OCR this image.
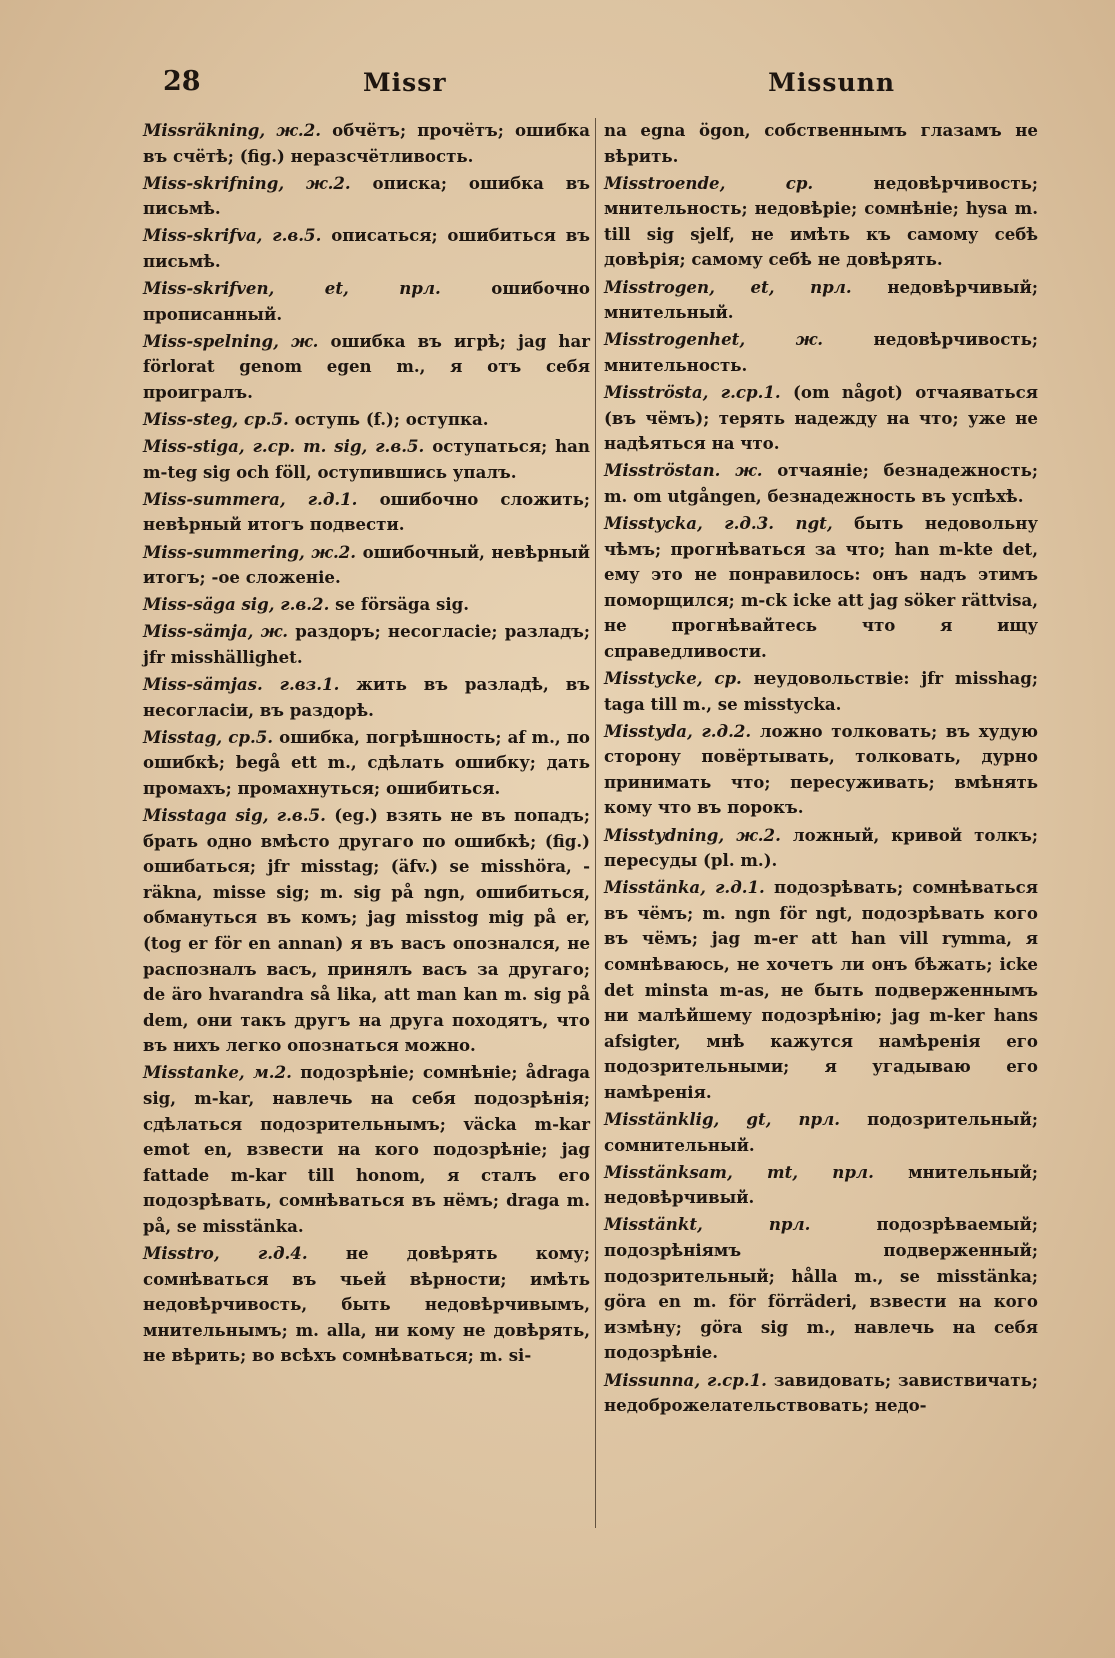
28	Missr	Missunn
Missräkning, ж.2. обчётъ; прочётъ; ошибка въ счётѣ; (fig.) неразсчётливость.
Miss-skrifning, ж.2. описка; ошибка въ письмѣ.
Miss-skrifva, г.в.5. описаться; ошибиться въ письмѣ.
Miss-skrifven, et, прл. ошибочно прописанный.
Miss-spelning, ж. ошибка въ игрѣ; jag har förlorat genom egen m., я отъ себя проигралъ.
Miss-steg, ср.5. оступь (f.); оступка.
Miss-stiga, г.ср. m. sig, г.в.5. оступаться; han m-teg sig och föll, оступившись упалъ.
Miss-summera, г.д.1. ошибочно сложить; невѣрный итогъ подвести.
Miss-summering, ж.2. ошибочный, невѣрный итогъ; -ое сложеніе.
Miss-säga sig, г.в.2. se försäga sig.
Miss-sämja, ж. раздоръ; несогласіе; разладъ; jfr misshällighet.
Miss-sämjas. г.вз.1. жить въ разладѣ, въ несогласіи, въ раздорѣ.
Misstag, ср.5. ошибка, погрѣшность; af m., по ошибкѣ; begå ett m., сдѣлать ошибку; дать промахъ; промахнуться; ошибиться.
Misstaga sig, г.в.5. (eg.) взять не въ попадъ; брать одно вмѣсто другаго по ошибкѣ; (fig.) ошибаться; jfr misstag; (äfv.) se misshöra, -räkna, misse sig; m. sig på ngn, ошибиться, обмануться въ комъ; jag misstog mig på er, (tog er för en annan) я въ васъ опознался, не распозналъ васъ, принялъ васъ за другаго; de äro hvarandra så lika, att man kan m. sig på dem, они такъ другъ на друга походятъ, что въ нихъ легко опознаться можно.
Misstanke, м.2. подозрѣніе; сомнѣніе; ådraga sig, m-kar, навлечь на себя подозрѣнія; сдѣлаться подозрительнымъ; väcka m-kar emot en, взвести на кого подозрѣніе; jag fattade m-kar till honom, я сталъ его подозрѣвать, сомнѣваться въ нёмъ; draga m. på, se misstänka.
Misstro, г.д.4. не довѣрять кому; сомнѣваться въ чьей вѣрности; имѣть недовѣрчивость, быть недовѣрчивымъ, мнительнымъ; m. alla, ни кому не довѣрять, не вѣрить; во всѣхъ сомнѣваться; m. si-
na egna ögon, собственнымъ глазамъ не вѣрить.
Misstroende, ср. недовѣрчивость; мнительность; недовѣріе; сомнѣніе; hysa m. till sig sjelf, не имѣть къ самому себѣ довѣрія; самому себѣ не довѣрять.
Misstrogen, et, прл. недовѣрчивый; мнительный.
Misstrogenhet, ж. недовѣрчивость; мнительность.
Misströsta, г.ср.1. (om något) отчаяваться (въ чёмъ); терять надежду на что; уже не надѣяться на что.
Misströstan. ж. отчаяніе; безнадежность; m. om utgången, безнадежность въ успѣхѣ.
Misstycka, г.д.3. ngt, быть недовольну чѣмъ; прогнѣваться за что; han m-kte det, ему это не понравилось: онъ надъ этимъ поморщился; m-ck icke att jag söker rättvisa, не прогнѣвайтесь что я ищу справедливости.
Misstycke, ср. неудовольствіе: jfr misshag; taga till m., se misstycka.
Misstyda, г.д.2. ложно толковать; въ худую сторону повёртывать, толковать, дурно принимать что; пересуживать; вмѣнять кому что въ порокъ.
Misstydning, ж.2. ложный, кривой толкъ; пересуды (pl. m.).
Misstänka, г.д.1. подозрѣвать; сомнѣваться въ чёмъ; m. ngn för ngt, подозрѣвать кого въ чёмъ; jag m-er att han vill rymma, я сомнѣваюсь, не хочетъ ли онъ бѣжать; icke det minsta m-as, не быть подверженнымъ ни малѣйшему подозрѣнію; jag m-ker hans afsigter, мнѣ кажутся намѣренія его подозрительными; я угадываю его намѣренія.
Misstänklig, gt, прл. подозрительный; сомнительный.
Misstänksam, mt, прл. мнительный; недовѣрчивый.
Misstänkt, прл. подозрѣваемый; подозрѣніямъ подверженный; подозрительный; hålla m., se misstänka; göra en m. för förräderi, взвести на кого измѣну; göra sig m., навлечь на себя подозрѣніе.
Missunna, г.ср.1. завидовать; завиствичать; недоброжелательствовать; недо-
